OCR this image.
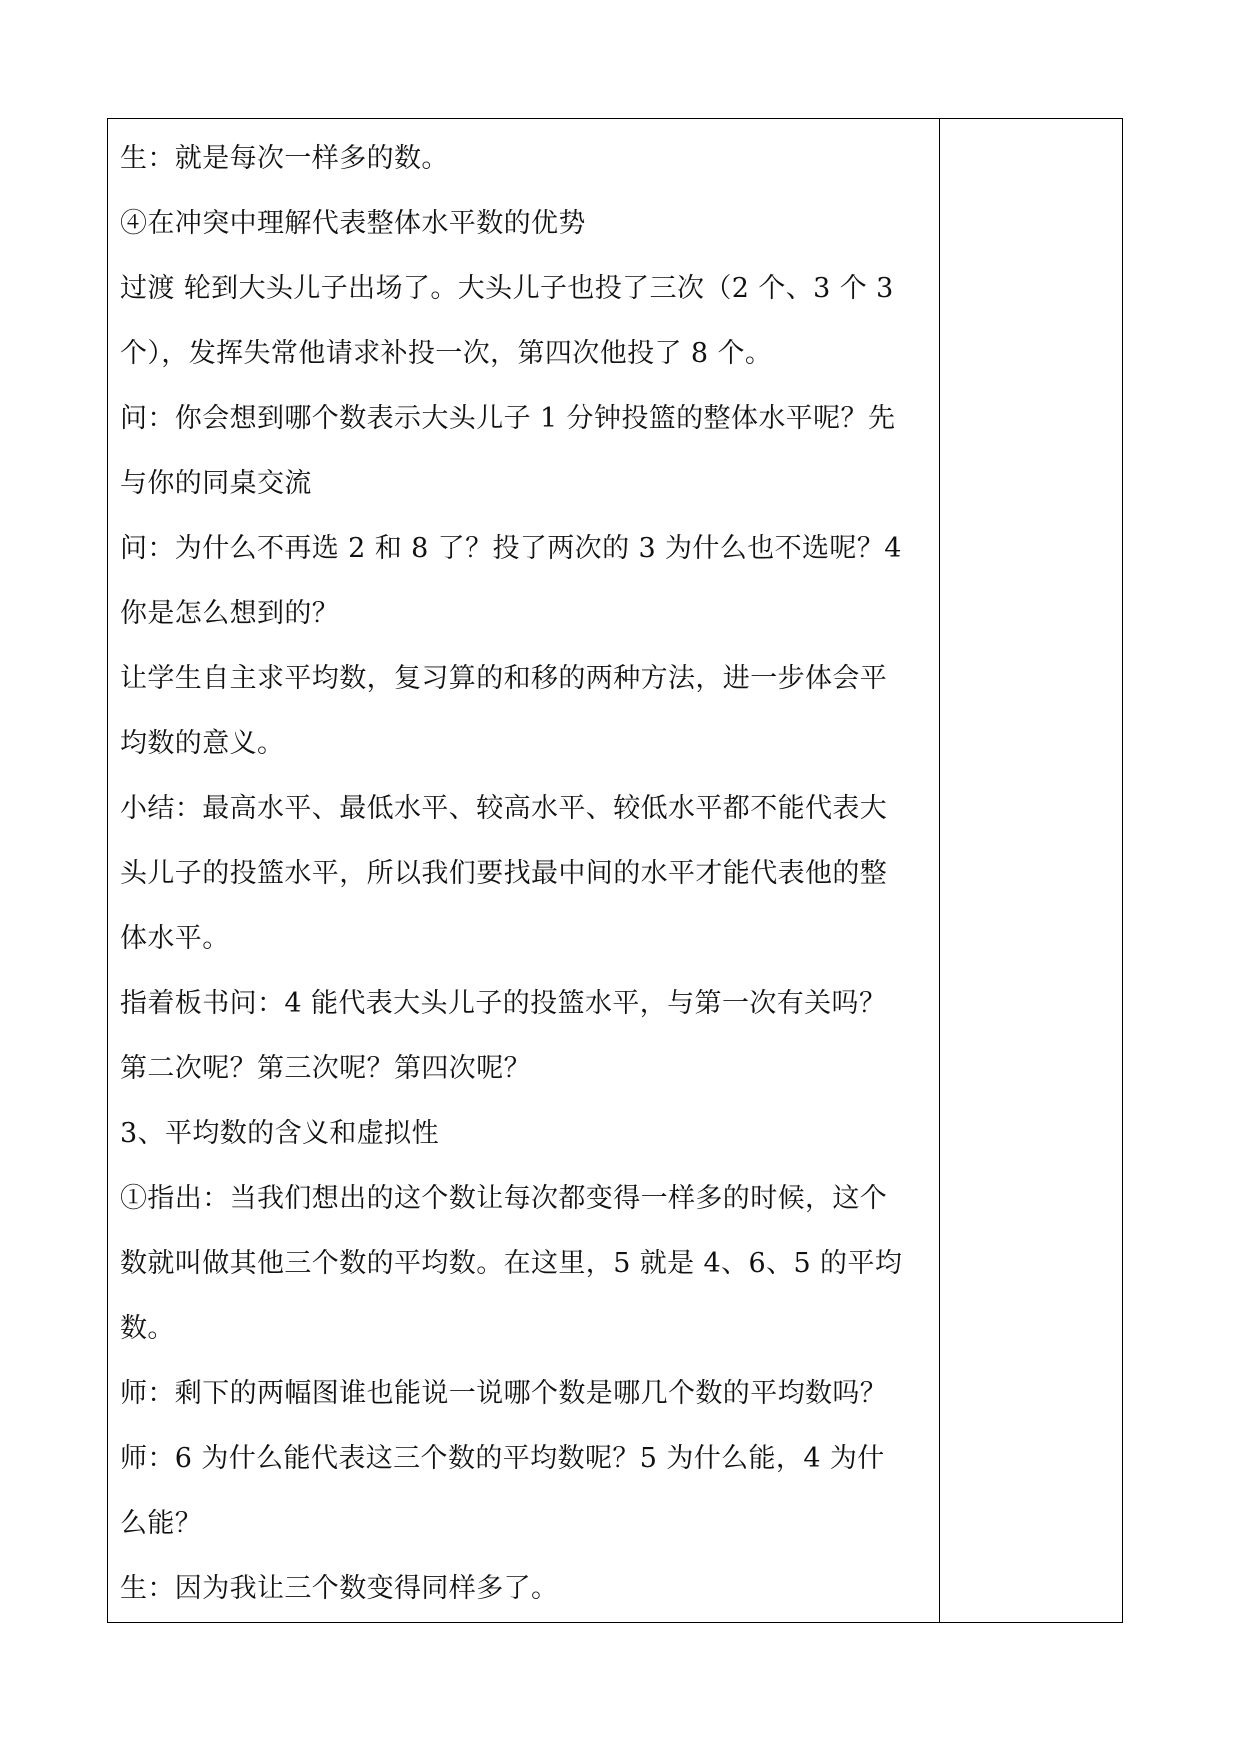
生：就是每次一样多的数。
④在冲突中理解代表整体水平数的优势
过渡 轮到大头儿子出场了。大头儿子也投了三次（2 个、3 个 3
个），发挥失常他请求补投一次，第四次他投了 8 个。
问：你会想到哪个数表示大头儿子 1 分钟投篮的整体水平呢？先
与你的同桌交流
问：为什么不再选 2 和 8 了？投了两次的 3 为什么也不选呢？4
你是怎么想到的？
让学生自主求平均数，复习算的和移的两种方法，进一步体会平
均数的意义。
小结：最高水平、最低水平、较高水平、较低水平都不能代表大
头儿子的投篮水平，所以我们要找最中间的水平才能代表他的整
体水平。
指着板书问：4 能代表大头儿子的投篮水平，与第一次有关吗？
第二次呢？第三次呢？第四次呢？
3、平均数的含义和虚拟性
①指出：当我们想出的这个数让每次都变得一样多的时候，这个
数就叫做其他三个数的平均数。在这里，5 就是 4、6、5 的平均
数。
师：剩下的两幅图谁也能说一说哪个数是哪几个数的平均数吗？
师：6 为什么能代表这三个数的平均数呢？5 为什么能，4 为什
么能？
生：因为我让三个数变得同样多了。
